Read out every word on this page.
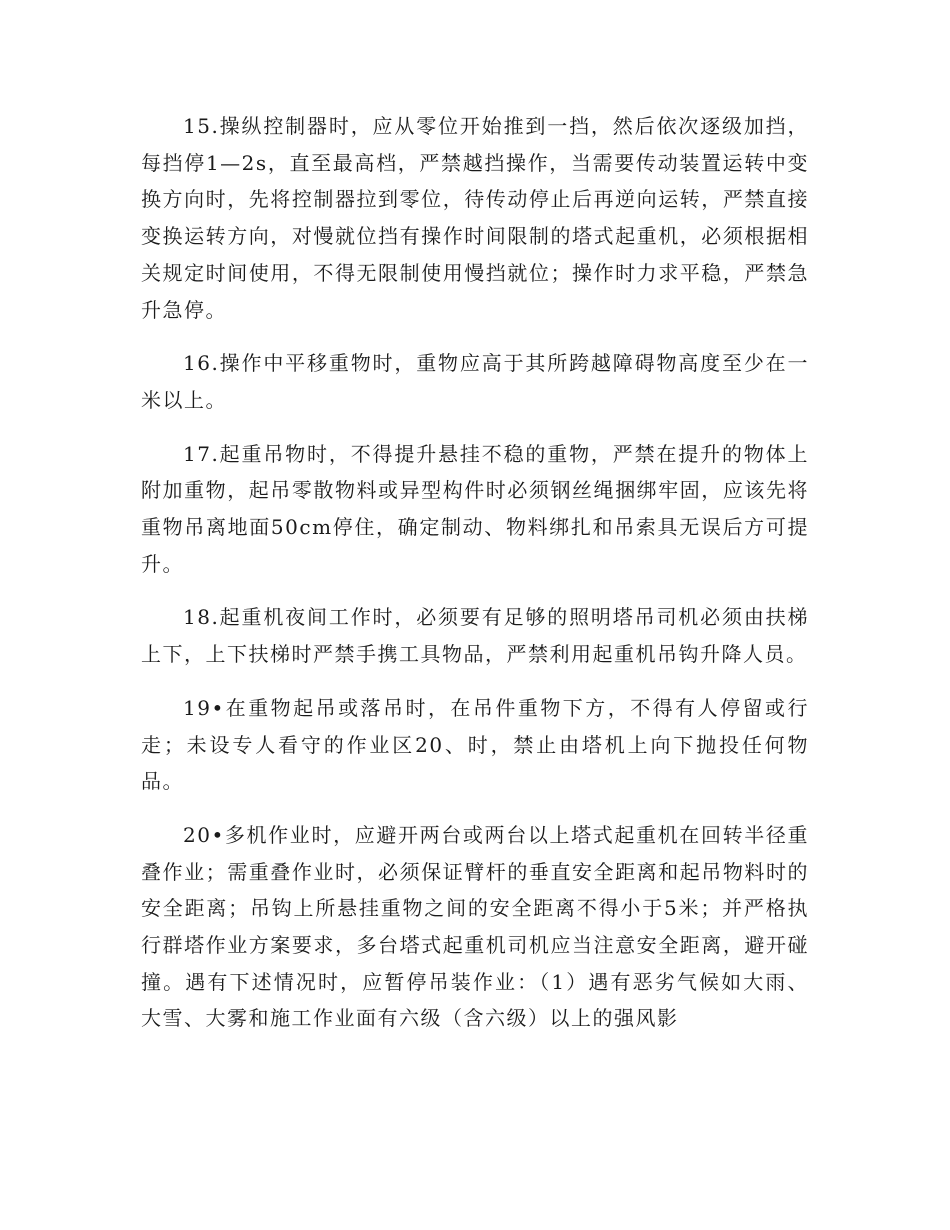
15.操纵控制器时，应从零位开始推到一挡，然后依次逐级加挡，每挡停1—2s，直至最高档，严禁越挡操作，当需要传动装置运转中变换方向时，先将控制器拉到零位，待传动停止后再逆向运转，严禁直接变换运转方向，对慢就位挡有操作时间限制的塔式起重机，必须根据相关规定时间使用，不得无限制使用慢挡就位；操作时力求平稳，严禁急升急停。

16.操作中平移重物时，重物应高于其所跨越障碍物高度至少在一米以上。

17.起重吊物时，不得提升悬挂不稳的重物，严禁在提升的物体上附加重物，起吊零散物料或异型构件时必须钢丝绳捆绑牢固，应该先将重物吊离地面50cm停住，确定制动、物料绑扎和吊索具无误后方可提升。

18.起重机夜间工作时，必须要有足够的照明塔吊司机必须由扶梯上下，上下扶梯时严禁手携工具物品，严禁利用起重机吊钩升降人员。

19•在重物起吊或落吊时，在吊件重物下方，不得有人停留或行走；未设专人看守的作业区20、时，禁止由塔机上向下抛投任何物品。

20•多机作业时，应避开两台或两台以上塔式起重机在回转半径重叠作业；需重叠作业时，必须保证臂杆的垂直安全距离和起吊物料时的安全距离；吊钩上所悬挂重物之间的安全距离不得小于5米；并严格执行群塔作业方案要求，多台塔式起重机司机应当注意安全距离，避开碰撞。遇有下述情况时，应暂停吊装作业：（1）遇有恶劣气候如大雨、大雪、大雾和施工作业面有六级（含六级）以上的强风影
